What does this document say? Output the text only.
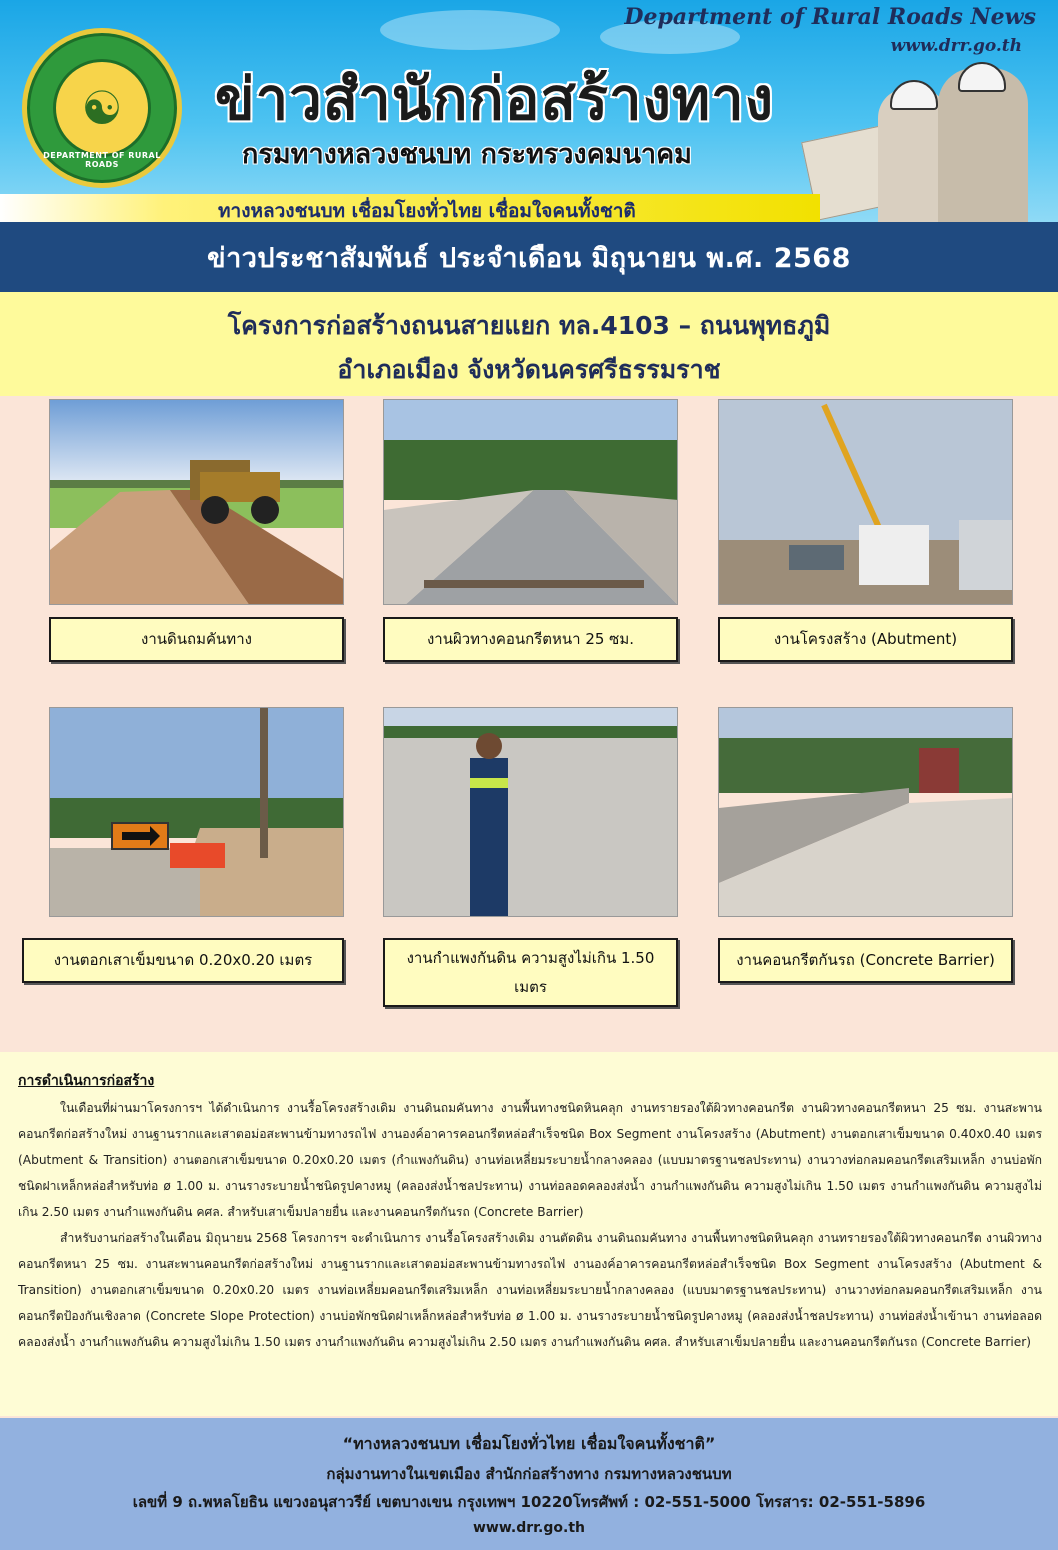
☯
DEPARTMENT OF RURAL ROADS
Department of Rural Roads News
www.drr.go.th
ข่าวสำนักก่อสร้างทาง
กรมทางหลวงชนบท กระทรวงคมนาคม
ทางหลวงชนบท เชื่อมโยงทั่วไทย เชื่อมใจคนทั้งชาติ
ข่าวประชาสัมพันธ์ ประจำเดือน มิถุนายน พ.ศ. 2568
โครงการก่อสร้างถนนสายแยก ทล.4103 – ถนนพุทธภูมิ
อำเภอเมือง จังหวัดนครศรีธรรมราช
งานดินถมคันทาง	งานผิวทางคอนกรีตหนา 25 ซม.	งานโครงสร้าง (Abutment)
งานตอกเสาเข็มขนาด 0.20x0.20 เมตร	งานกำแพงกันดิน ความสูงไม่เกิน 1.50 เมตร
งานคอนกรีตกันรถ (Concrete Barrier)
การดำเนินการก่อสร้าง
ในเดือนที่ผ่านมาโครงการฯ ได้ดำเนินการ งานรื้อโครงสร้างเดิม งานดินถมคันทาง งานพื้นทางชนิดหินคลุก งานทรายรองใต้ผิวทางคอนกรีต งานผิวทางคอนกรีตหนา 25 ซม. งานสะพานคอนกรีตก่อสร้างใหม่ งานฐานรากและเสาตอม่อสะพานข้ามทางรถไฟ งานองค์อาคารคอนกรีตหล่อสำเร็จชนิด Box Segment งานโครงสร้าง (Abutment) งานตอกเสาเข็มขนาด 0.40x0.40 เมตร (Abutment & Transition) งานตอกเสาเข็มขนาด 0.20x0.20 เมตร (กำแพงกันดิน) งานท่อเหลี่ยมระบายน้ำกลางคลอง (แบบมาตรฐานชลประทาน) งานวางท่อกลมคอนกรีตเสริมเหล็ก งานบ่อพักชนิดฝาเหล็กหล่อสำหรับท่อ ø 1.00 ม. งานรางระบายน้ำชนิดรูปคางหมู (คลองส่งน้ำชลประทาน) งานท่อลอดคลองส่งน้ำ งานกำแพงกันดิน ความสูงไม่เกิน 1.50 เมตร งานกำแพงกันดิน ความสูงไม่เกิน 2.50 เมตร งานกำแพงกันดิน คศล. สำหรับเสาเข็มปลายยื่น และงานคอนกรีตกันรถ (Concrete Barrier)
สำหรับงานก่อสร้างในเดือน มิถุนายน 2568 โครงการฯ จะดำเนินการ งานรื้อโครงสร้างเดิม งานตัดดิน งานดินถมคันทาง งานพื้นทางชนิดหินคลุก งานทรายรองใต้ผิวทางคอนกรีต งานผิวทางคอนกรีตหนา 25 ซม. งานสะพานคอนกรีตก่อสร้างใหม่ งานฐานรากและเสาตอม่อสะพานข้ามทางรถไฟ งานองค์อาคารคอนกรีตหล่อสำเร็จชนิด Box Segment งานโครงสร้าง (Abutment & Transition) งานตอกเสาเข็มขนาด 0.20x0.20 เมตร งานท่อเหลี่ยมคอนกรีตเสริมเหล็ก งานท่อเหลี่ยมระบายน้ำกลางคลอง (แบบมาตรฐานชลประทาน) งานวางท่อกลมคอนกรีตเสริมเหล็ก งานคอนกรีตป้องกันเชิงลาด (Concrete Slope Protection) งานบ่อพักชนิดฝาเหล็กหล่อสำหรับท่อ ø 1.00 ม. งานรางระบายน้ำชนิดรูปคางหมู (คลองส่งน้ำชลประทาน) งานท่อส่งน้ำเข้านา งานท่อลอดคลองส่งน้ำ งานกำแพงกันดิน ความสูงไม่เกิน 1.50 เมตร งานกำแพงกันดิน ความสูงไม่เกิน 2.50 เมตร งานกำแพงกันดิน คศล. สำหรับเสาเข็มปลายยื่น และงานคอนกรีตกันรถ (Concrete Barrier)
“ทางหลวงชนบท เชื่อมโยงทั่วไทย เชื่อมใจคนทั้งชาติ”
กลุ่มงานทางในเขตเมือง สำนักก่อสร้างทาง กรมทางหลวงชนบท
เลขที่ 9 ถ.พหลโยธิน แขวงอนุสาวรีย์ เขตบางเขน กรุงเทพฯ 10220โทรศัพท์ : 02-551-5000 โทรสาร: 02-551-5896
www.drr.go.th
